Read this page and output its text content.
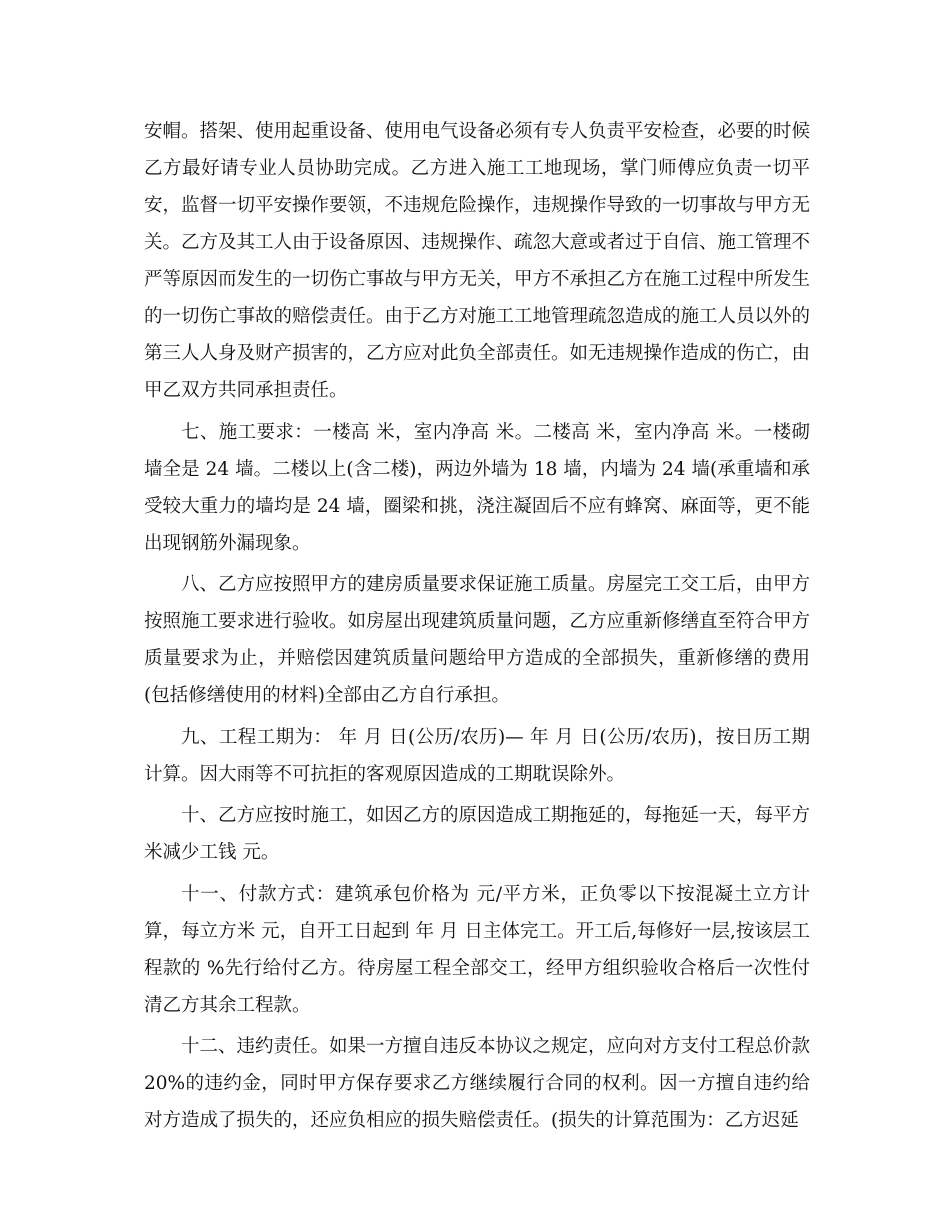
安帽。搭架、使用起重设备、使用电气设备必须有专人负责平安检查，必要的时候乙方最好请专业人员协助完成。乙方进入施工工地现场，掌门师傅应负责一切平安，监督一切平安操作要领，不违规危险操作，违规操作导致的一切事故与甲方无关。乙方及其工人由于设备原因、违规操作、疏忽大意或者过于自信、施工管理不严等原因而发生的一切伤亡事故与甲方无关，甲方不承担乙方在施工过程中所发生的一切伤亡事故的赔偿责任。由于乙方对施工工地管理疏忽造成的施工人员以外的第三人人身及财产损害的，乙方应对此负全部责任。如无违规操作造成的伤亡，由甲乙双方共同承担责任。

七、施工要求：一楼高 米，室内净高 米。二楼高 米，室内净高 米。一楼砌墙全是 24 墙。二楼以上(含二楼)，两边外墙为 18 墙，内墙为 24 墙(承重墙和承受较大重力的墙均是 24 墙，圈梁和挑，浇注凝固后不应有蜂窝、麻面等，更不能出现钢筋外漏现象。

八、乙方应按照甲方的建房质量要求保证施工质量。房屋完工交工后，由甲方按照施工要求进行验收。如房屋出现建筑质量问题，乙方应重新修缮直至符合甲方质量要求为止，并赔偿因建筑质量问题给甲方造成的全部损失，重新修缮的费用(包括修缮使用的材料)全部由乙方自行承担。

九、工程工期为： 年 月 日(公历/农历)— 年 月 日(公历/农历)，按日历工期计算。因大雨等不可抗拒的客观原因造成的工期耽误除外。

十、乙方应按时施工，如因乙方的原因造成工期拖延的，每拖延一天，每平方米减少工钱 元。

十一、付款方式：建筑承包价格为 元/平方米，正负零以下按混凝土立方计算，每立方米 元，自开工日起到 年 月 日主体完工。开工后,每修好一层,按该层工程款的 %先行给付乙方。待房屋工程全部交工，经甲方组织验收合格后一次性付清乙方其余工程款。

十二、违约责任。如果一方擅自违反本协议之规定，应向对方支付工程总价款 20%的违约金，同时甲方保存要求乙方继续履行合同的权利。因一方擅自违约给对方造成了损失的，还应负相应的损失赔偿责任。(损失的计算范围为：乙方迟延
